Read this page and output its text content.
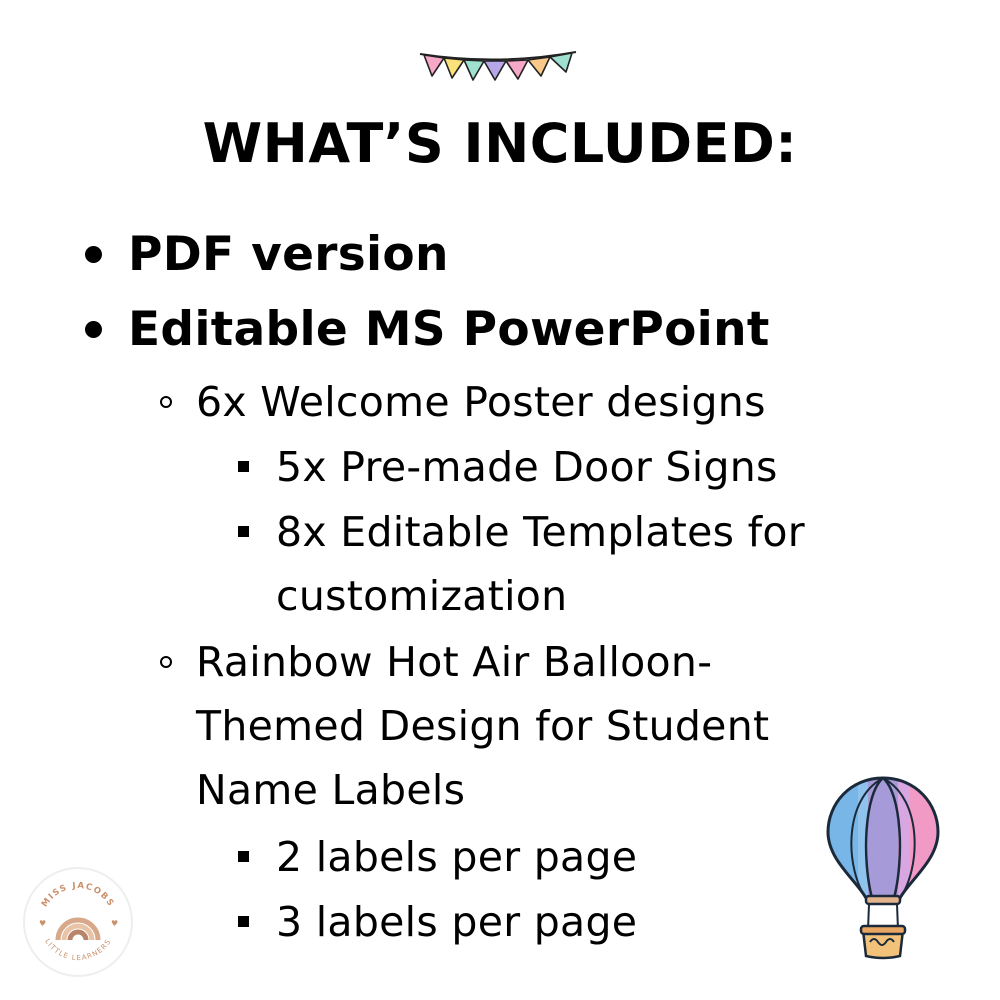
WHAT’S INCLUDED:

PDF version

Editable MS PowerPoint

6x Welcome Poster designs

5x Pre-made Door Signs

8x Editable Templates for

customization

Rainbow Hot Air Balloon-

Themed Design for Student

Name Labels

2 labels per page

3 labels per page

MISS JACOBS
LITTLE LEARNERS
♥	♥
